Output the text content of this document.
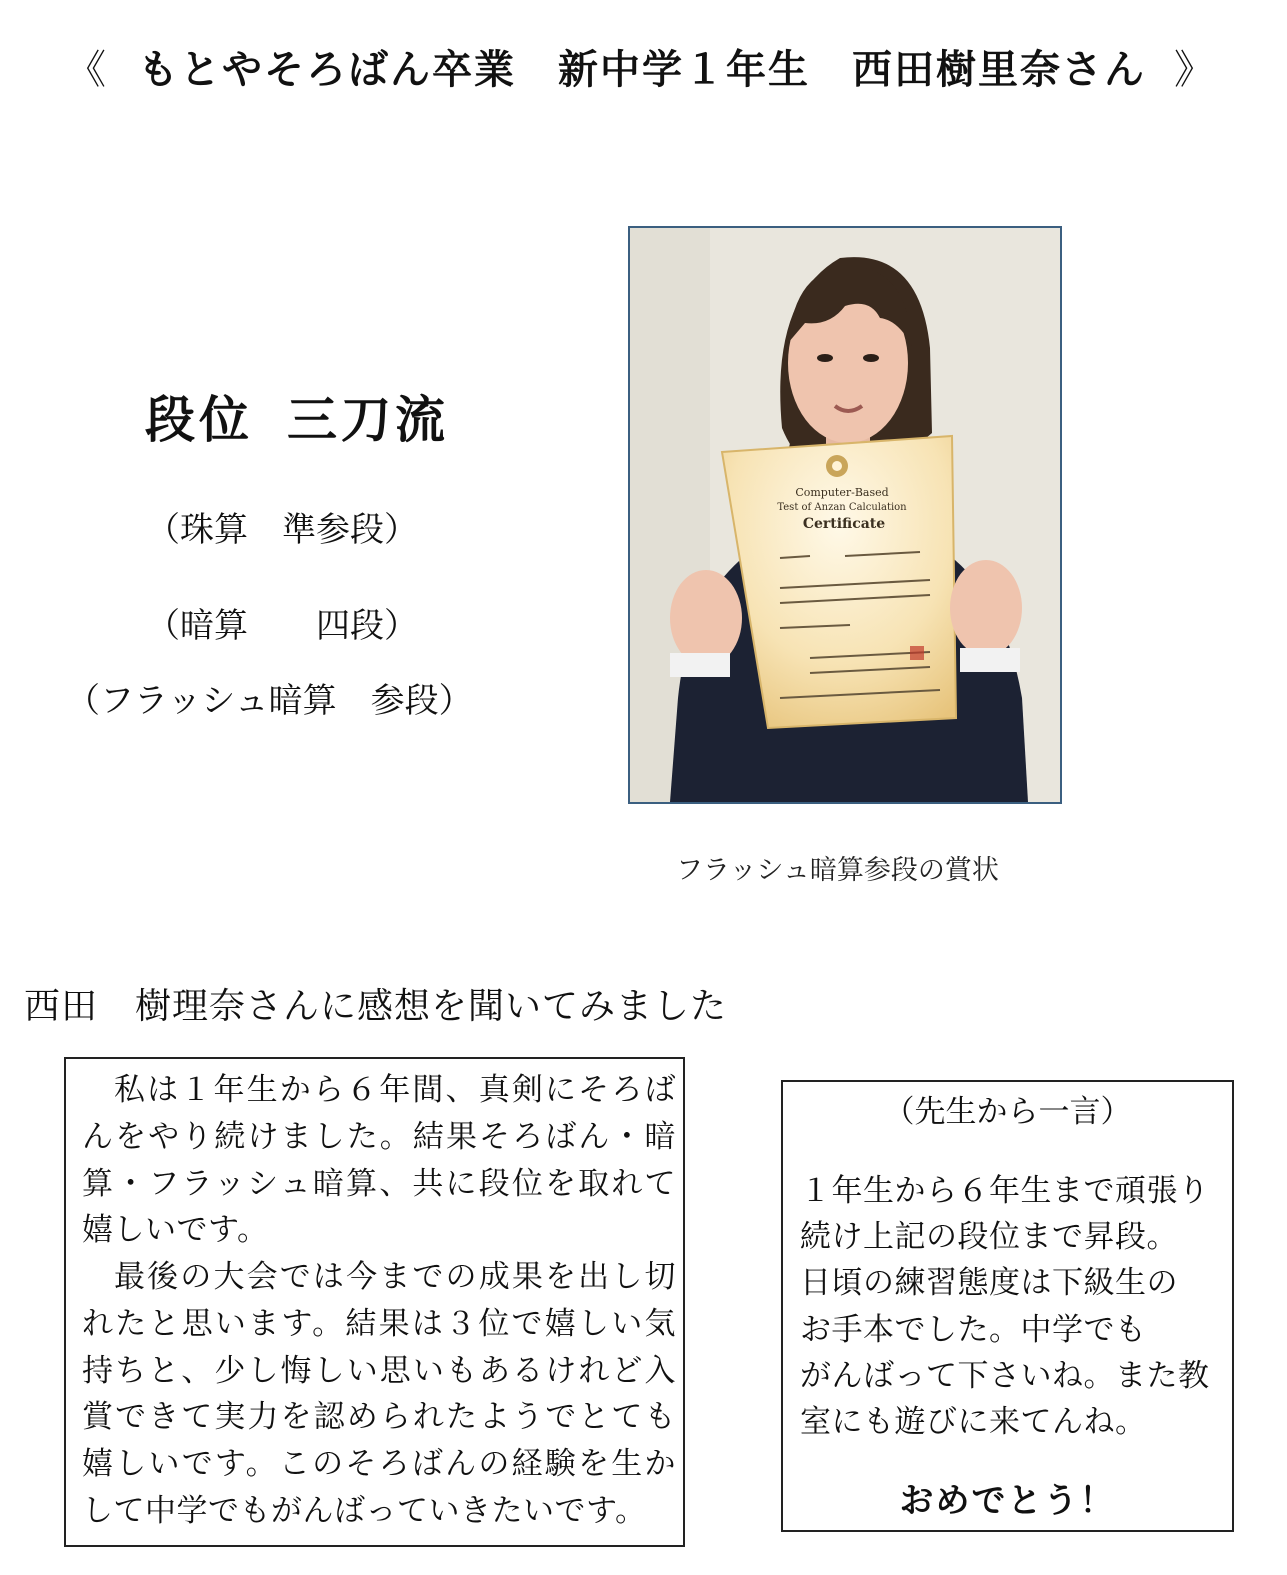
《 もとやそろばん卒業　新中学１年生　西田樹里奈さん 》
段位 三刀流
（珠算　準参段）
（暗算　　四段）
（フラッシュ暗算　参段）
Computer-Based
Test of Anzan Calculation
Certificate
フラッシュ暗算参段の賞状
西田　樹理奈さんに感想を聞いてみました

私は１年生から６年間、真剣にそろばんをやり続けました。結果そろばん・暗算・フラッシュ暗算、共に段位を取れて嬉しいです。

最後の大会では今までの成果を出し切れたと思います。結果は３位で嬉しい気持ちと、少し悔しい思いもあるけれど入賞できて実力を認められたようでとても嬉しいです。このそろばんの経験を生かして中学でもがんばっていきたいです。

（先生から一言）
１年生から６年生まで頑張り
続け上記の段位まで昇段。
日頃の練習態度は下級生の
お手本でした。中学でも
がんばって下さいね。また教
室にも遊びに来てんね。
おめでとう！
